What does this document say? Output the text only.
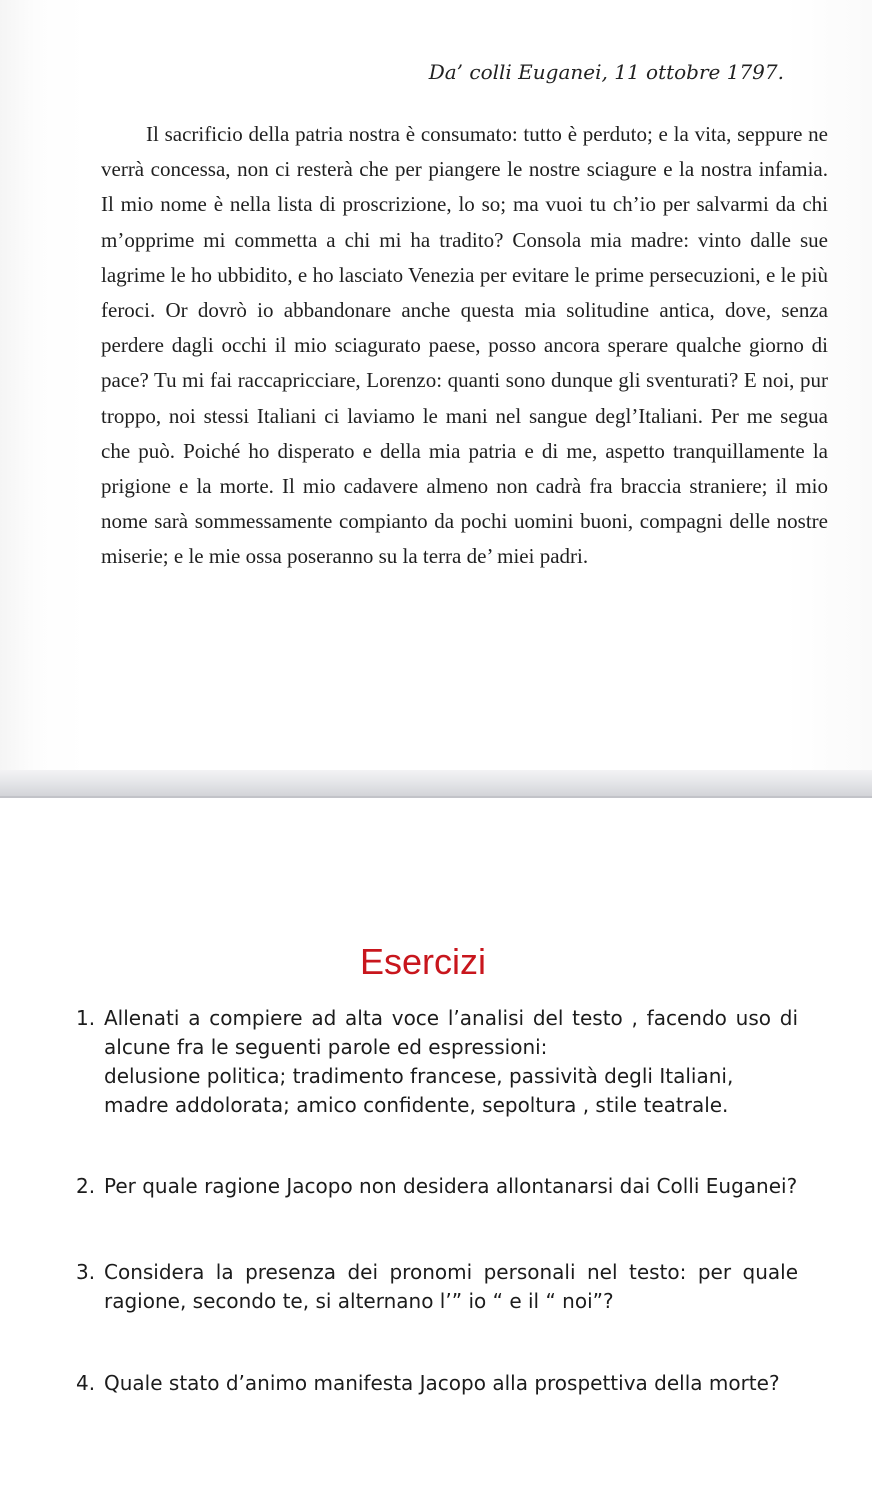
Da’ colli Euganei, 11 ottobre 1797.

Il sacrificio della patria nostra è consumato: tutto è perduto; e la vita, seppure ne verrà concessa, non ci resterà che per piangere le nostre sciagure e la nostra infamia. Il mio nome è nella lista di proscrizione, lo so; ma vuoi tu ch’io per salvarmi da chi m’opprime mi commetta a chi mi ha tradito? Consola mia madre: vinto dalle sue lagrime le ho ubbidito, e ho lasciato Venezia per evitare le prime persecuzioni, e le più feroci. Or dovrò io abbandonare anche questa mia solitudine antica, dove, senza perdere dagli occhi il mio sciagurato paese, posso ancora sperare qualche giorno di pace? Tu mi fai raccapricciare, Lorenzo: quanti sono dunque gli sventurati? E noi, pur troppo, noi stessi Italiani ci laviamo le mani nel sangue degl’Italiani. Per me segua che può. Poiché ho disperato e della mia patria e di me, aspetto tranquillamente la prigione e la morte. Il mio cadavere almeno non cadrà fra braccia straniere; il mio nome sarà sommessamente compianto da pochi uomini buoni, compagni delle nostre miserie; e le mie ossa poseranno su la terra de’ miei padri.

Esercizi
1. Allenati a compiere ad alta voce l’analisi del testo , facendo uso di alcune fra le seguenti parole ed espressioni:
delusione politica; tradimento francese, passività degli Italiani, madre addolorata; amico confidente, sepoltura , stile teatrale.
2. Per quale ragione Jacopo non desidera allontanarsi dai Colli Euganei?
3. Considera la presenza dei pronomi personali nel testo: per quale ragione, secondo te, si alternano l’” io “ e il “ noi”?
4. Quale stato d’animo manifesta Jacopo alla prospettiva della morte?
